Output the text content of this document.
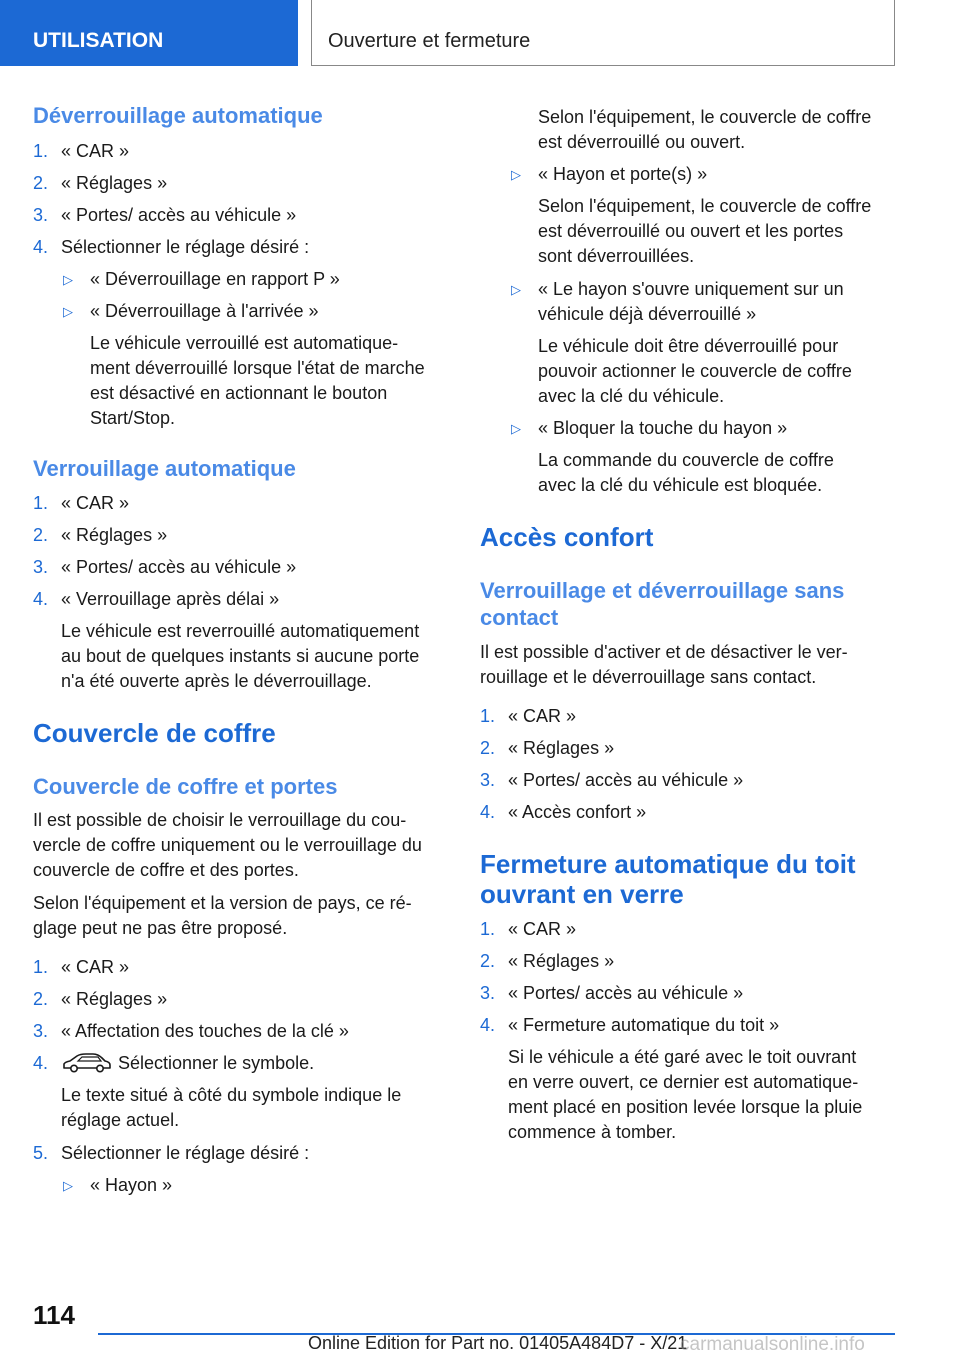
UTILISATION	Ouverture et fermeture
Déverrouillage automatique
1. « CAR »
2. « Réglages »
3. « Portes/ accès au véhicule »
4. Sélectionner le réglage désiré :
▷ « Déverrouillage en rapport P »
▷ « Déverrouillage à l'arrivée »
Le véhicule verrouillé est automatique-
ment déverrouillé lorsque l'état de marche
est désactivé en actionnant le bouton
Start/Stop.
Verrouillage automatique
1. « CAR »
2. « Réglages »
3. « Portes/ accès au véhicule »
4. « Verrouillage après délai »
Le véhicule est reverrouillé automatiquement
au bout de quelques instants si aucune porte
n'a été ouverte après le déverrouillage.
Couvercle de coffre
Couvercle de coffre et portes
Il est possible de choisir le verrouillage du cou-
vercle de coffre uniquement ou le verrouillage du
couvercle de coffre et des portes.
Selon l'équipement et la version de pays, ce ré-
glage peut ne pas être proposé.
1. « CAR »
2. « Réglages »
3. « Affectation des touches de la clé »
4.	Sélectionner le symbole.
Le texte situé à côté du symbole indique le
réglage actuel.
5. Sélectionner le réglage désiré :
▷ « Hayon »
Selon l'équipement, le couvercle de coffre
est déverrouillé ou ouvert.
▷ « Hayon et porte(s) »
Selon l'équipement, le couvercle de coffre
est déverrouillé ou ouvert et les portes
sont déverrouillées.
▷ « Le hayon s'ouvre uniquement sur un
véhicule déjà déverrouillé »
Le véhicule doit être déverrouillé pour
pouvoir actionner le couvercle de coffre
avec la clé du véhicule.
▷ « Bloquer la touche du hayon »
La commande du couvercle de coffre
avec la clé du véhicule est bloquée.
Accès confort
Verrouillage et déverrouillage sans
contact
Il est possible d'activer et de désactiver le ver-
rouillage et le déverrouillage sans contact.
1. « CAR »
2. « Réglages »
3. « Portes/ accès au véhicule »
4. « Accès confort »
Fermeture automatique du toit
ouvrant en verre
1. « CAR »
2. « Réglages »
3. « Portes/ accès au véhicule »
4. « Fermeture automatique du toit »
Si le véhicule a été garé avec le toit ouvrant
en verre ouvert, ce dernier est automatique-
ment placé en position levée lorsque la pluie
commence à tomber.
114
Online Edition for Part no. 01405A484D7 - X/21
carmanualsonline.info
